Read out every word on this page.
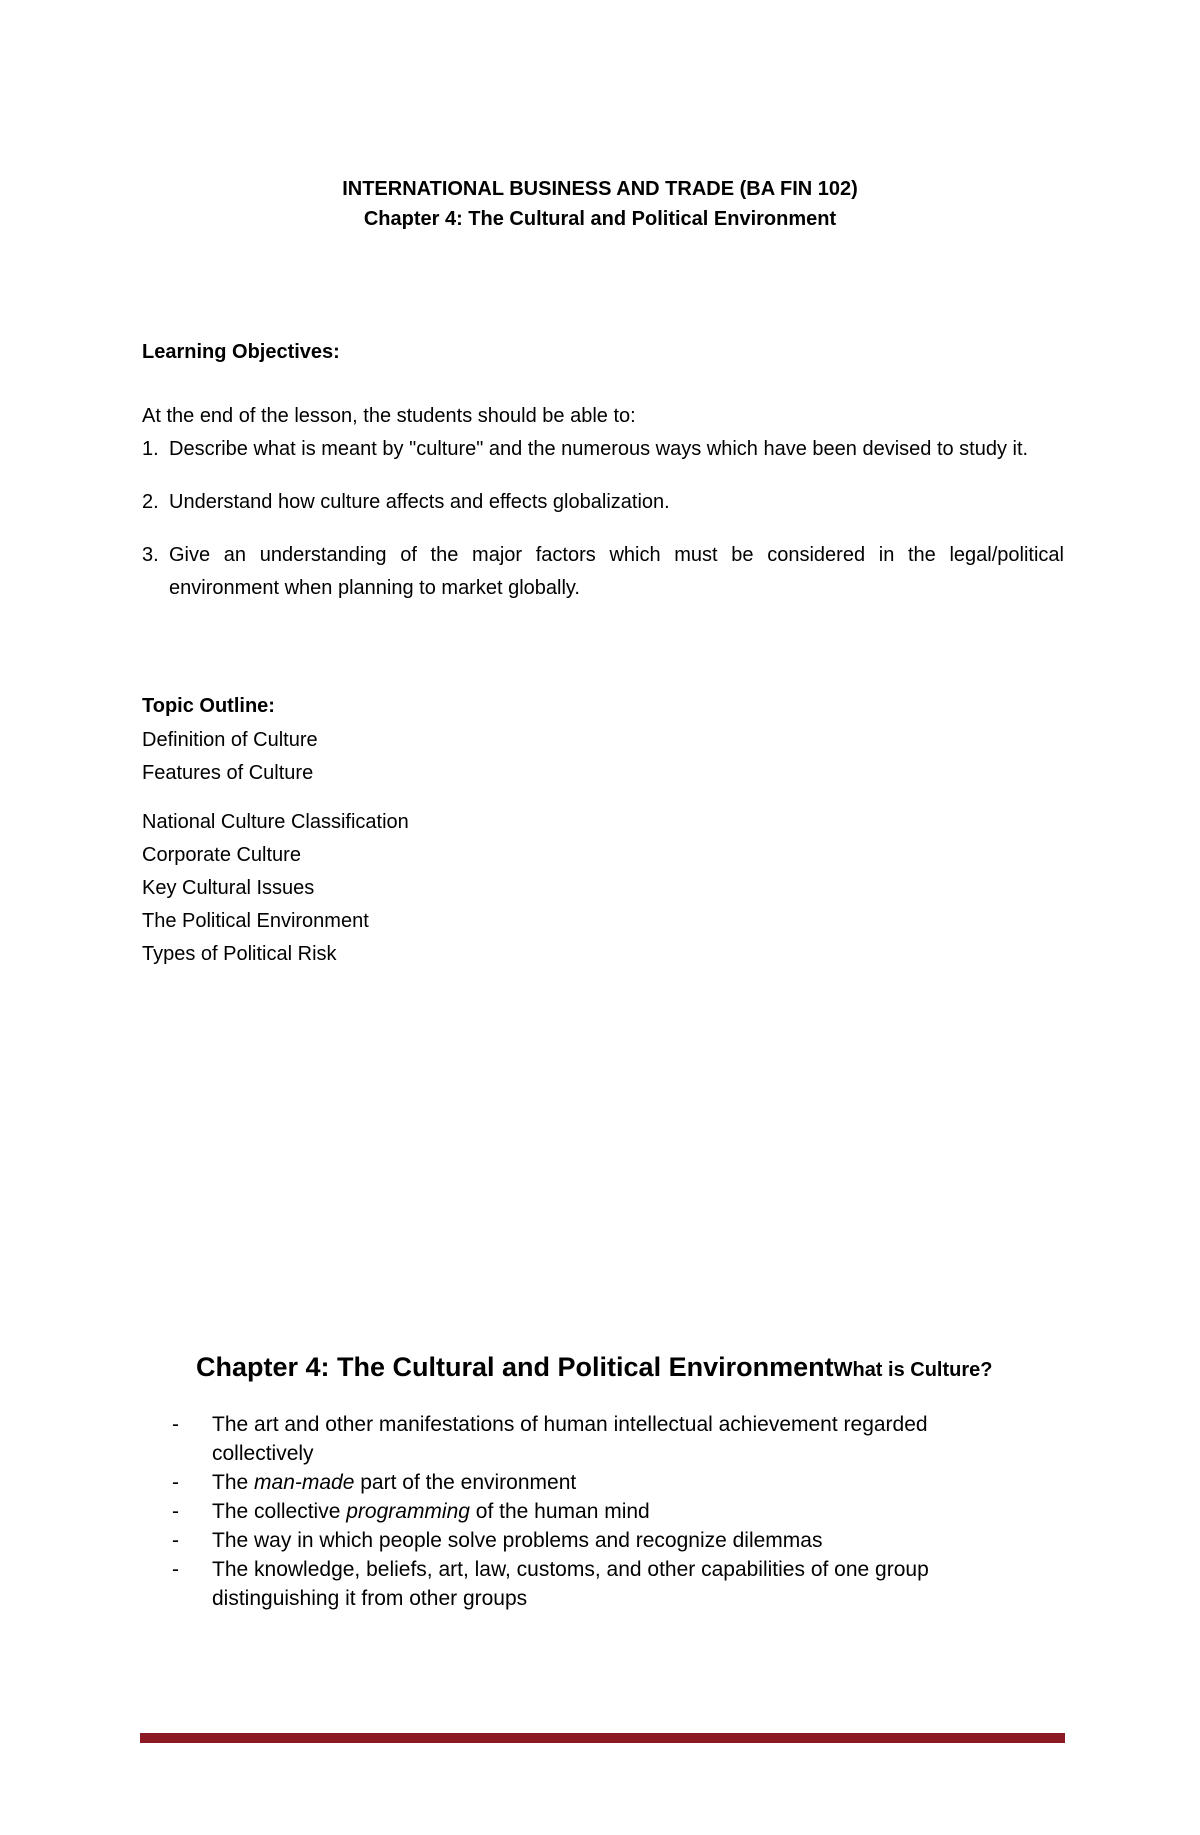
INTERNATIONAL BUSINESS AND TRADE (BA FIN 102)
Chapter 4: The Cultural and Political Environment
Learning Objectives:
At the end of the lesson, the students should be able to:
1. Describe what is meant by "culture" and the numerous ways which have been devised to study it.
2. Understand how culture affects and effects globalization.
3. Give an understanding of the major factors which must be considered in the legal/political environment when planning to market globally.
Topic Outline:
Definition of Culture
Features of Culture
National Culture Classification
Corporate Culture
Key Cultural Issues
The Political Environment
Types of Political Risk
Chapter 4: The Cultural and Political EnvironmentWhat is Culture?
-	The art and other manifestations of human intellectual achievement regarded collectively
-	The man-made part of the environment
-	The collective programming of the human mind
-	The way in which people solve problems and recognize dilemmas
-	The knowledge, beliefs, art, law, customs, and other capabilities of one group distinguishing it from other groups
